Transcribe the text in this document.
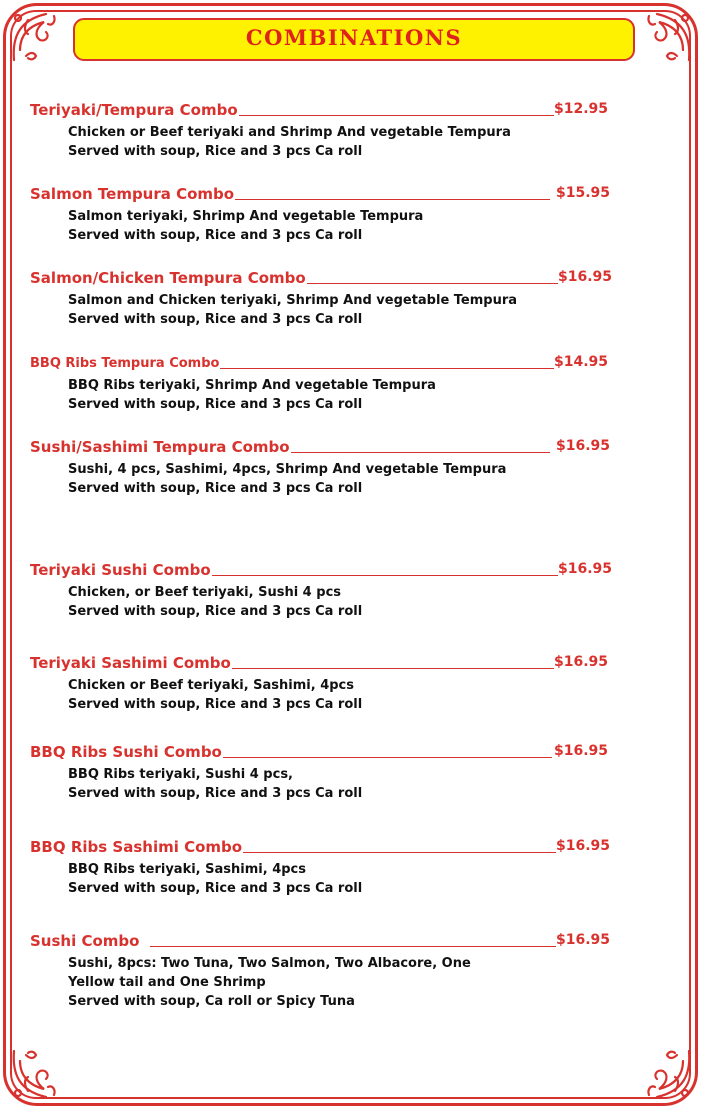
COMBINATIONS
Teriyaki/Tempura Combo	$12.95
Chicken or Beef teriyaki and Shrimp And vegetable Tempura
Served with soup, Rice and 3 pcs Ca roll
Salmon Tempura Combo	$15.95
Salmon teriyaki, Shrimp And vegetable Tempura
Served with soup, Rice and 3 pcs Ca roll
Salmon/Chicken Tempura Combo	$16.95
Salmon and Chicken teriyaki, Shrimp And vegetable Tempura
Served with soup, Rice and 3 pcs Ca roll
BBQ Ribs Tempura Combo	$14.95
BBQ Ribs teriyaki, Shrimp And vegetable Tempura
Served with soup, Rice and 3 pcs Ca roll
Sushi/Sashimi Tempura Combo	$16.95
Sushi, 4 pcs, Sashimi, 4pcs, Shrimp And vegetable Tempura
Served with soup, Rice and 3 pcs Ca roll
Teriyaki Sushi Combo	$16.95
Chicken, or Beef teriyaki, Sushi 4 pcs
Served with soup, Rice and 3 pcs Ca roll
Teriyaki Sashimi Combo	$16.95
Chicken or Beef teriyaki, Sashimi, 4pcs
Served with soup, Rice and 3 pcs Ca roll
BBQ Ribs Sushi Combo	$16.95
BBQ Ribs teriyaki, Sushi 4 pcs,
Served with soup, Rice and 3 pcs Ca roll
BBQ Ribs Sashimi Combo	$16.95
BBQ Ribs teriyaki, Sashimi, 4pcs
Served with soup, Rice and 3 pcs Ca roll
Sushi Combo	$16.95
Sushi, 8pcs: Two Tuna, Two Salmon, Two Albacore, One
Yellow tail and One Shrimp
Served with soup, Ca roll or Spicy Tuna
